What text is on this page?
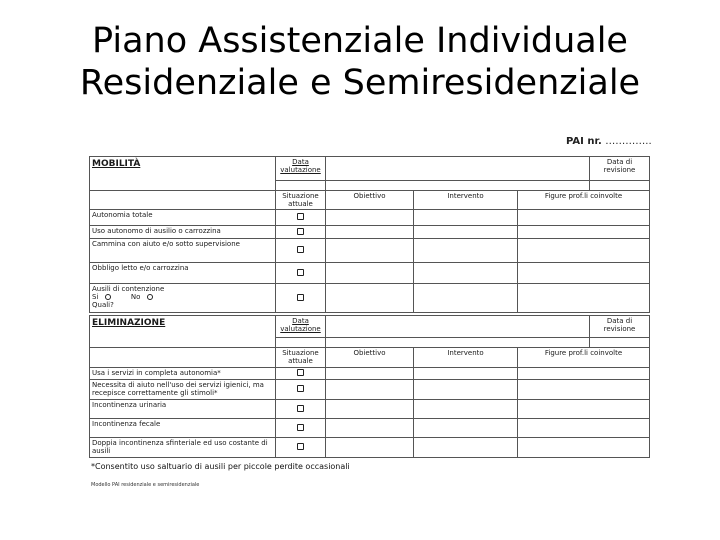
Piano Assistenziale Individuale
Residenziale e Semiresidenziale
PAI nr. …………..
MOBILITÀ	Data valutazione				Data di revisione

	Situazione attuale	Obiettivo	Intervento	Figure prof.li coinvolte	
Autonomia totale					
Uso autonomo di ausilio o carrozzina					
Cammina con aiuto e/o sotto supervisione					
Obbligo letto e/o carrozzina					

Ausili di contenzione
Si No
Quali?					

ELIMINAZIONE	Data valutazione				Data di revisione

	Situazione attuale	Obiettivo	Intervento	Figure prof.li coinvolte	
Usa i servizi in completa autonomia*					
Necessita di aiuto nell'uso dei servizi igienici, ma recepisce correttamente gli stimoli*					
Incontinenza urinaria					
Incontinenza fecale					
Doppia incontinenza sfinteriale ed uso costante di ausili					
*Consentito uso saltuario di ausili per piccole perdite occasionali
Modello PAI residenziale e semiresidenziale
